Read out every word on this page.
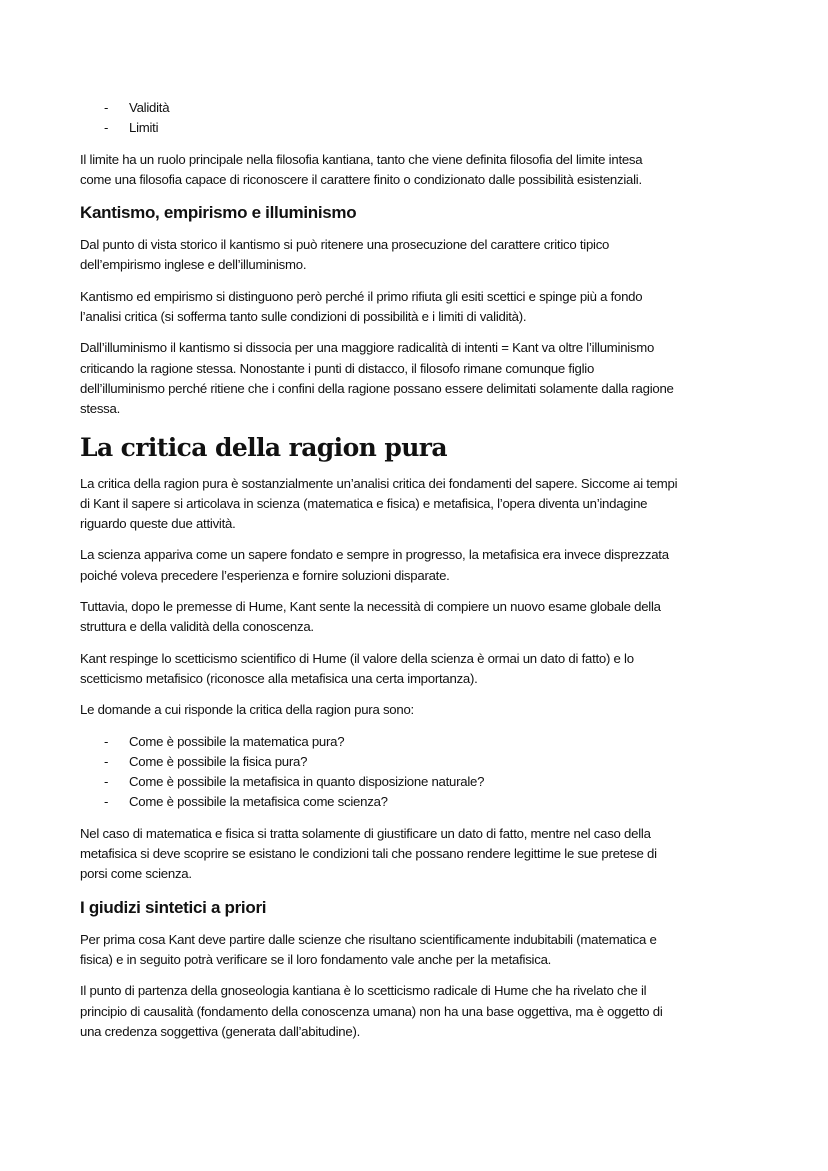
- Validità
- Limiti
Il limite ha un ruolo principale nella filosofia kantiana, tanto che viene definita filosofia del limite intesa
come una filosofia capace di riconoscere il carattere finito o condizionato dalle possibilità esistenziali.
Kantismo, empirismo e illuminismo
Dal punto di vista storico il kantismo si può ritenere una prosecuzione del carattere critico tipico
dell’empirismo inglese e dell’illuminismo.
Kantismo ed empirismo si distinguono però perché il primo rifiuta gli esiti scettici e spinge più a fondo
l’analisi critica (si sofferma tanto sulle condizioni di possibilità e i limiti di validità).
Dall’illuminismo il kantismo si dissocia per una maggiore radicalità di intenti = Kant va oltre l’illuminismo
criticando la ragione stessa. Nonostante i punti di distacco, il filosofo rimane comunque figlio
dell’illuminismo perché ritiene che i confini della ragione possano essere delimitati solamente dalla ragione
stessa.
La critica della ragion pura
La critica della ragion pura è sostanzialmente un’analisi critica dei fondamenti del sapere. Siccome ai tempi
di Kant il sapere si articolava in scienza (matematica e fisica) e metafisica, l’opera diventa un’indagine
riguardo queste due attività.
La scienza appariva come un sapere fondato e sempre in progresso, la metafisica era invece disprezzata
poiché voleva precedere l’esperienza e fornire soluzioni disparate.
Tuttavia, dopo le premesse di Hume, Kant sente la necessità di compiere un nuovo esame globale della
struttura e della validità della conoscenza.
Kant respinge lo scetticismo scientifico di Hume (il valore della scienza è ormai un dato di fatto) e lo
scetticismo metafisico (riconosce alla metafisica una certa importanza).
Le domande a cui risponde la critica della ragion pura sono:
- Come è possibile la matematica pura?
- Come è possibile la fisica pura?
- Come è possibile la metafisica in quanto disposizione naturale?
- Come è possibile la metafisica come scienza?
Nel caso di matematica e fisica si tratta solamente di giustificare un dato di fatto, mentre nel caso della
metafisica si deve scoprire se esistano le condizioni tali che possano rendere legittime le sue pretese di
porsi come scienza.
I giudizi sintetici a priori
Per prima cosa Kant deve partire dalle scienze che risultano scientificamente indubitabili (matematica e
fisica) e in seguito potrà verificare se il loro fondamento vale anche per la metafisica.
Il punto di partenza della gnoseologia kantiana è lo scetticismo radicale di Hume che ha rivelato che il
principio di causalità (fondamento della conoscenza umana) non ha una base oggettiva, ma è oggetto di
una credenza soggettiva (generata dall’abitudine).
